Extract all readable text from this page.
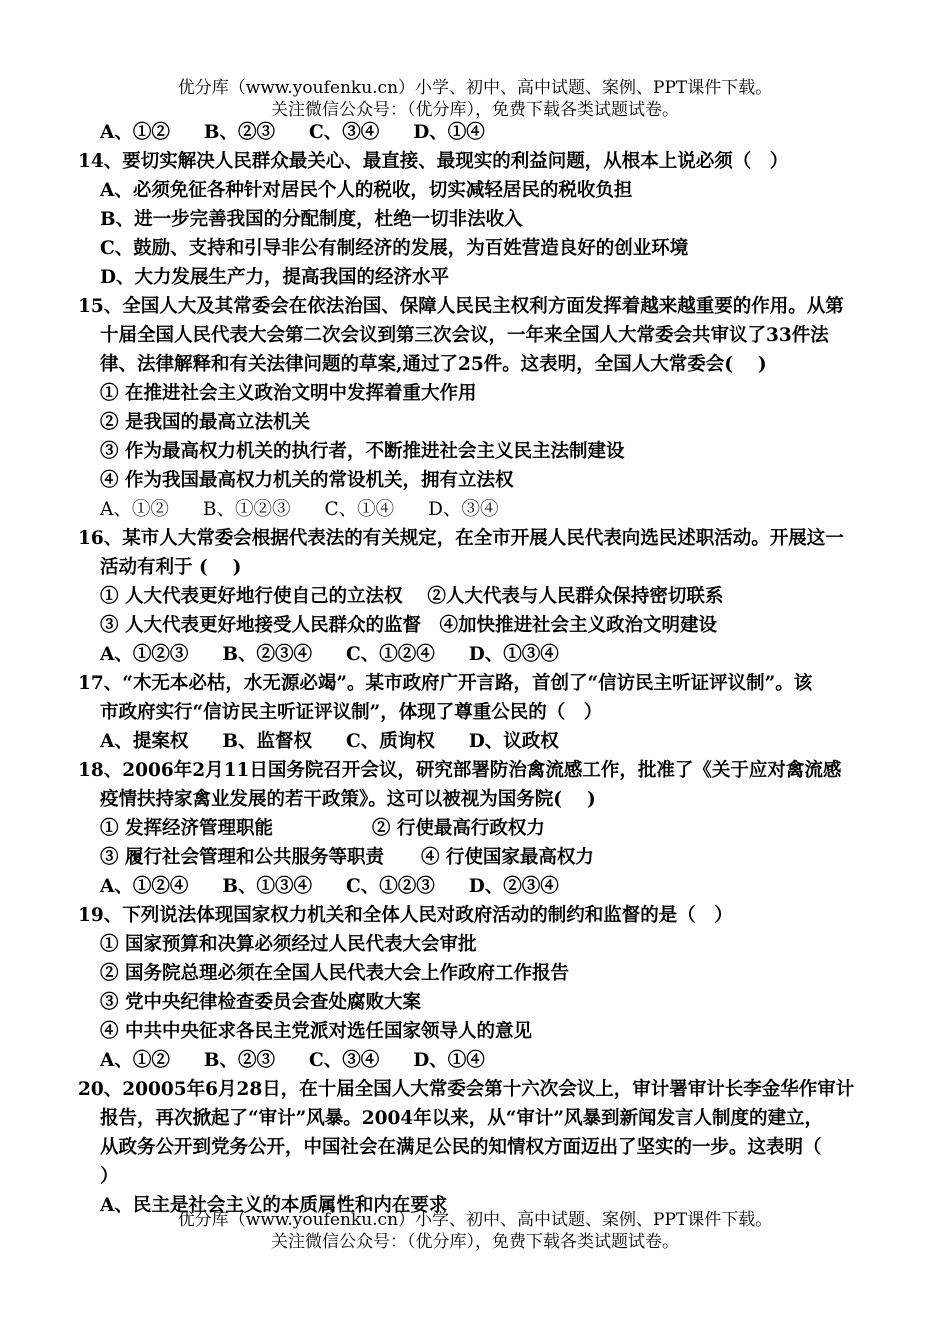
优分库（www.youfenku.cn）小学、初中、高中试题、案例、PPT课件下载。
关注微信公众号：（优分库），免费下载各类试题试卷。
A、①② B、②③ C、③④ D、①④
14、要切实解决人民群众最关心、最直接、最现实的利益问题，从根本上说必须（　）
A、必须免征各种针对居民个人的税收，切实减轻居民的税收负担
B、进一步完善我国的分配制度，杜绝一切非法收入
C、鼓励、支持和引导非公有制经济的发展，为百姓营造良好的创业环境
D、大力发展生产力，提高我国的经济水平
15、全国人大及其常委会在依法治国、保障人民民主权利方面发挥着越来越重要的作用。从第
十届全国人民代表大会第二次会议到第三次会议，一年来全国人大常委会共审议了33件法
律、法律解释和有关法律问题的草案,通过了25件。这表明，全国人大常委会(　 )
① 在推进社会主义政治文明中发挥着重大作用
② 是我国的最高立法机关
③ 作为最高权力机关的执行者，不断推进社会主义民主法制建设
④ 作为我国最高权力机关的常设机关，拥有立法权
A、①② B、①②③ C、①④ D、③④
16、某市人大常委会根据代表法的有关规定，在全市开展人民代表向选民述职活动。开展这一
活动有利于 (　 )
① 人大代表更好地行使自己的立法权　 ②人大代表与人民群众保持密切联系
③ 人大代表更好地接受人民群众的监督　④加快推进社会主义政治文明建设
A、①②③ B、②③④ C、①②④ D、①③④
17、“木无本必枯，水无源必竭”。某市政府广开言路，首创了“信访民主听证评议制”。该
市政府实行“信访民主听证评议制”，体现了尊重公民的（　）
A、提案权 B、监督权 C、质询权 D、议政权
18、2006年2月11日国务院召开会议，研究部署防治禽流感工作，批准了《关于应对禽流感
疫情扶持家禽业发展的若干政策》。这可以被视为国务院(　 )
① 发挥经济管理职能　　　　　 ② 行使最高行政权力
③ 履行社会管理和公共服务等职责　　④ 行使国家最高权力
A、①②④ B、①③④ C、①②③ D、②③④
19、下列说法体现国家权力机关和全体人民对政府活动的制约和监督的是（　）
① 国家预算和决算必须经过人民代表大会审批
② 国务院总理必须在全国人民代表大会上作政府工作报告
③ 党中央纪律检查委员会查处腐败大案
④ 中共中央征求各民主党派对选任国家领导人的意见
A、①② B、②③ C、③④ D、①④
20、20005年6月28日，在十届全国人大常委会第十六次会议上，审计署审计长李金华作审计
报告，再次掀起了“审计”风暴。2004年以来，从“审计”风暴到新闻发言人制度的建立，
从政务公开到党务公开，中国社会在满足公民的知情权方面迈出了坚实的一步。这表明（
）
A、民主是社会主义的本质属性和内在要求
优分库（www.youfenku.cn）小学、初中、高中试题、案例、PPT课件下载。
关注微信公众号：（优分库），免费下载各类试题试卷。
